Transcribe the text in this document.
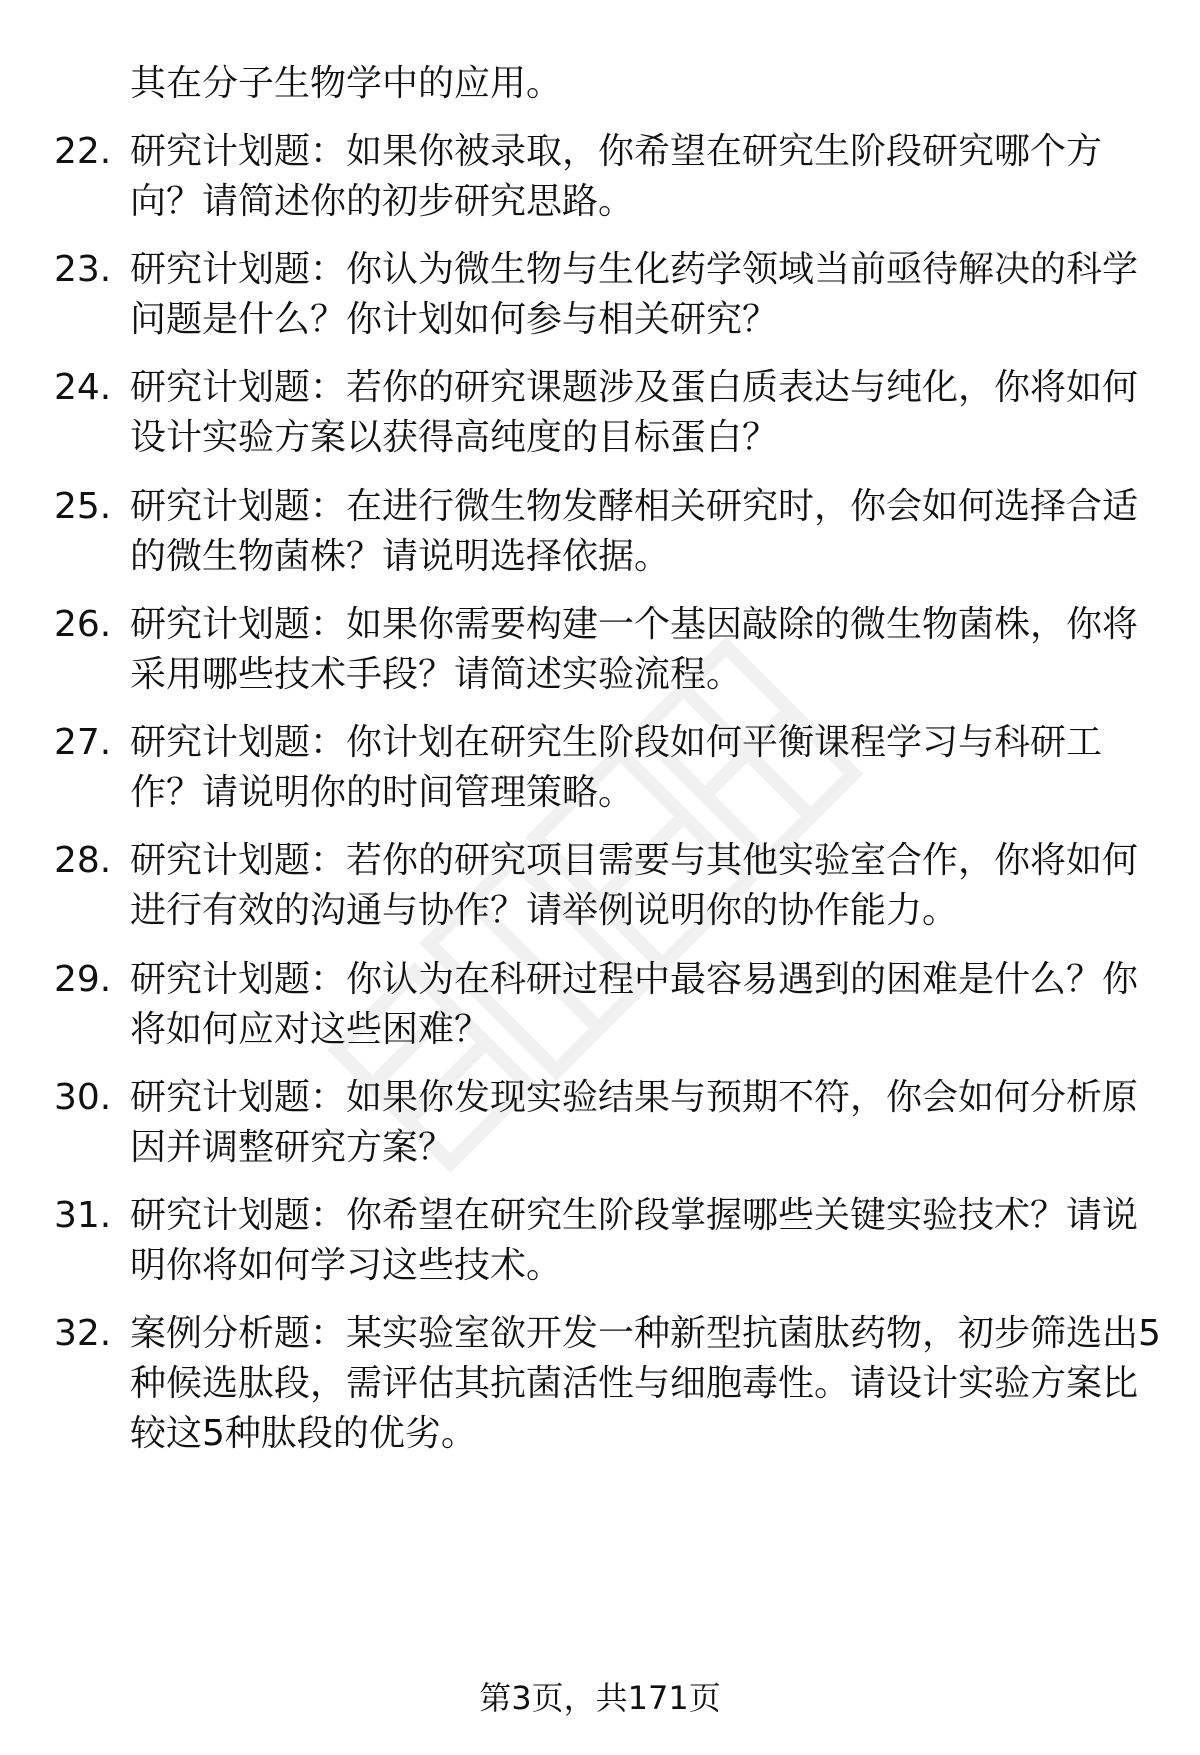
其在分子生物学中的应用。
22. 研究计划题：如果你被录取，你希望在研究生阶段研究哪个方
向？请简述你的初步研究思路。
23. 研究计划题：你认为微生物与生化药学领域当前亟待解决的科学
问题是什么？你计划如何参与相关研究？
24. 研究计划题：若你的研究课题涉及蛋白质表达与纯化，你将如何
设计实验方案以获得高纯度的目标蛋白？
25. 研究计划题：在进行微生物发酵相关研究时，你会如何选择合适
的微生物菌株？请说明选择依据。
26. 研究计划题：如果你需要构建一个基因敲除的微生物菌株，你将
采用哪些技术手段？请简述实验流程。
27. 研究计划题：你计划在研究生阶段如何平衡课程学习与科研工
作？请说明你的时间管理策略。
28. 研究计划题：若你的研究项目需要与其他实验室合作，你将如何
进行有效的沟通与协作？请举例说明你的协作能力。
29. 研究计划题：你认为在科研过程中最容易遇到的困难是什么？你
将如何应对这些困难？
30. 研究计划题：如果你发现实验结果与预期不符，你会如何分析原
因并调整研究方案？
31. 研究计划题：你希望在研究生阶段掌握哪些关键实验技术？请说
明你将如何学习这些技术。
32. 案例分析题：某实验室欲开发一种新型抗菌肽药物，初步筛选出5
种候选肽段，需评估其抗菌活性与细胞毒性。请设计实验方案比
较这5种肽段的优劣。
第3页，共171页
